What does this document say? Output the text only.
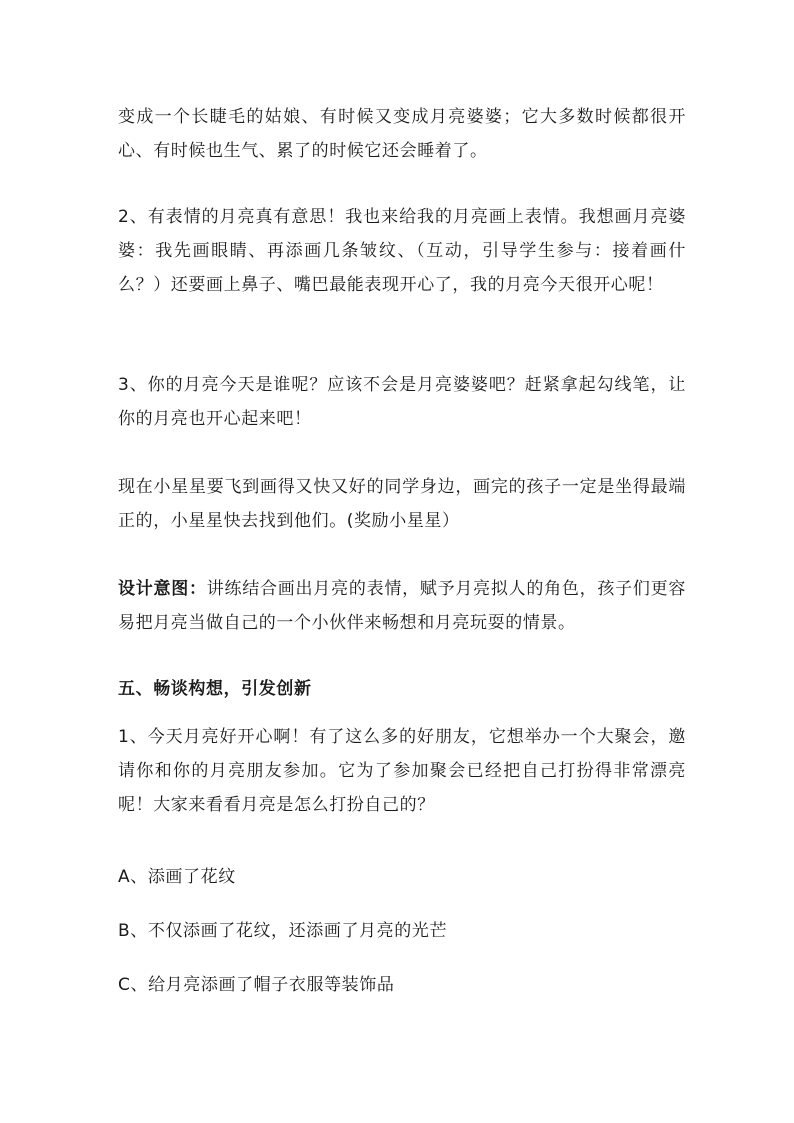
变成一个长睫毛的姑娘、有时候又变成月亮婆婆；它大多数时候都很开心、有时候也生气、累了的时候它还会睡着了。

2、有表情的月亮真有意思！我也来给我的月亮画上表情。我想画月亮婆婆：我先画眼睛、再添画几条皱纹、（互动，引导学生参与：接着画什么？）还要画上鼻子、嘴巴最能表现开心了，我的月亮今天很开心呢！

3、你的月亮今天是谁呢？应该不会是月亮婆婆吧？赶紧拿起勾线笔，让你的月亮也开心起来吧！

现在小星星要飞到画得又快又好的同学身边，画完的孩子一定是坐得最端正的，小星星快去找到他们。(奖励小星星）

设计意图：讲练结合画出月亮的表情，赋予月亮拟人的角色，孩子们更容易把月亮当做自己的一个小伙伴来畅想和月亮玩耍的情景。

五、畅谈构想，引发创新

1、今天月亮好开心啊！有了这么多的好朋友，它想举办一个大聚会，邀请你和你的月亮朋友参加。它为了参加聚会已经把自己打扮得非常漂亮呢！大家来看看月亮是怎么打扮自己的？

A、添画了花纹

B、不仅添画了花纹，还添画了月亮的光芒

C、给月亮添画了帽子衣服等装饰品
